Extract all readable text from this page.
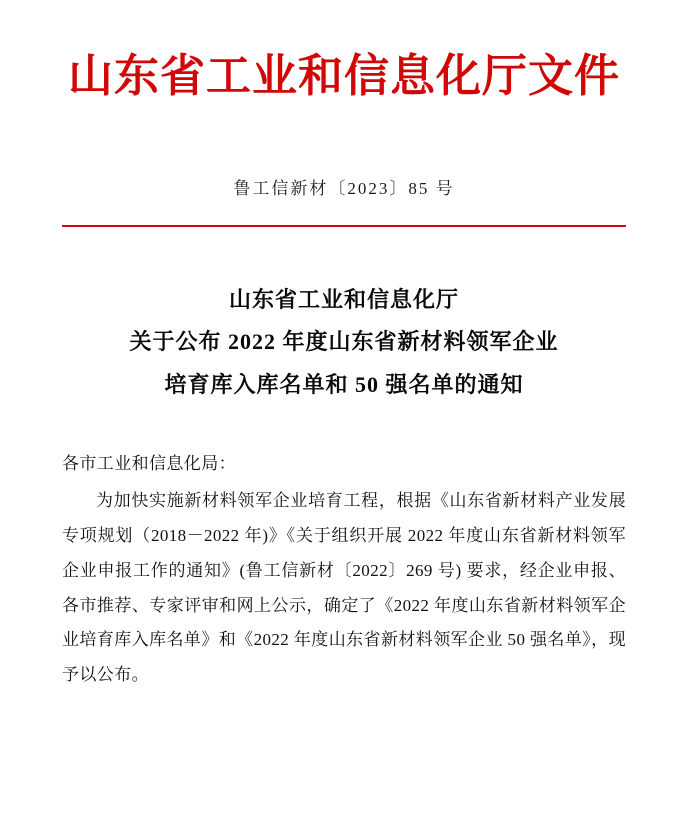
山东省工业和信息化厅文件
鲁工信新材〔2023〕85 号
山东省工业和信息化厅
关于公布 2022 年度山东省新材料领军企业
培育库入库名单和 50 强名单的通知

各市工业和信息化局：

为加快实施新材料领军企业培育工程，根据《山东省新材料产业发展专项规划（2018－2022 年)》《关于组织开展 2022 年度山东省新材料领军企业申报工作的通知》(鲁工信新材〔2022〕269 号) 要求，经企业申报、各市推荐、专家评审和网上公示，确定了《2022 年度山东省新材料领军企业培育库入库名单》和《2022 年度山东省新材料领军企业 50 强名单》，现予以公布。
